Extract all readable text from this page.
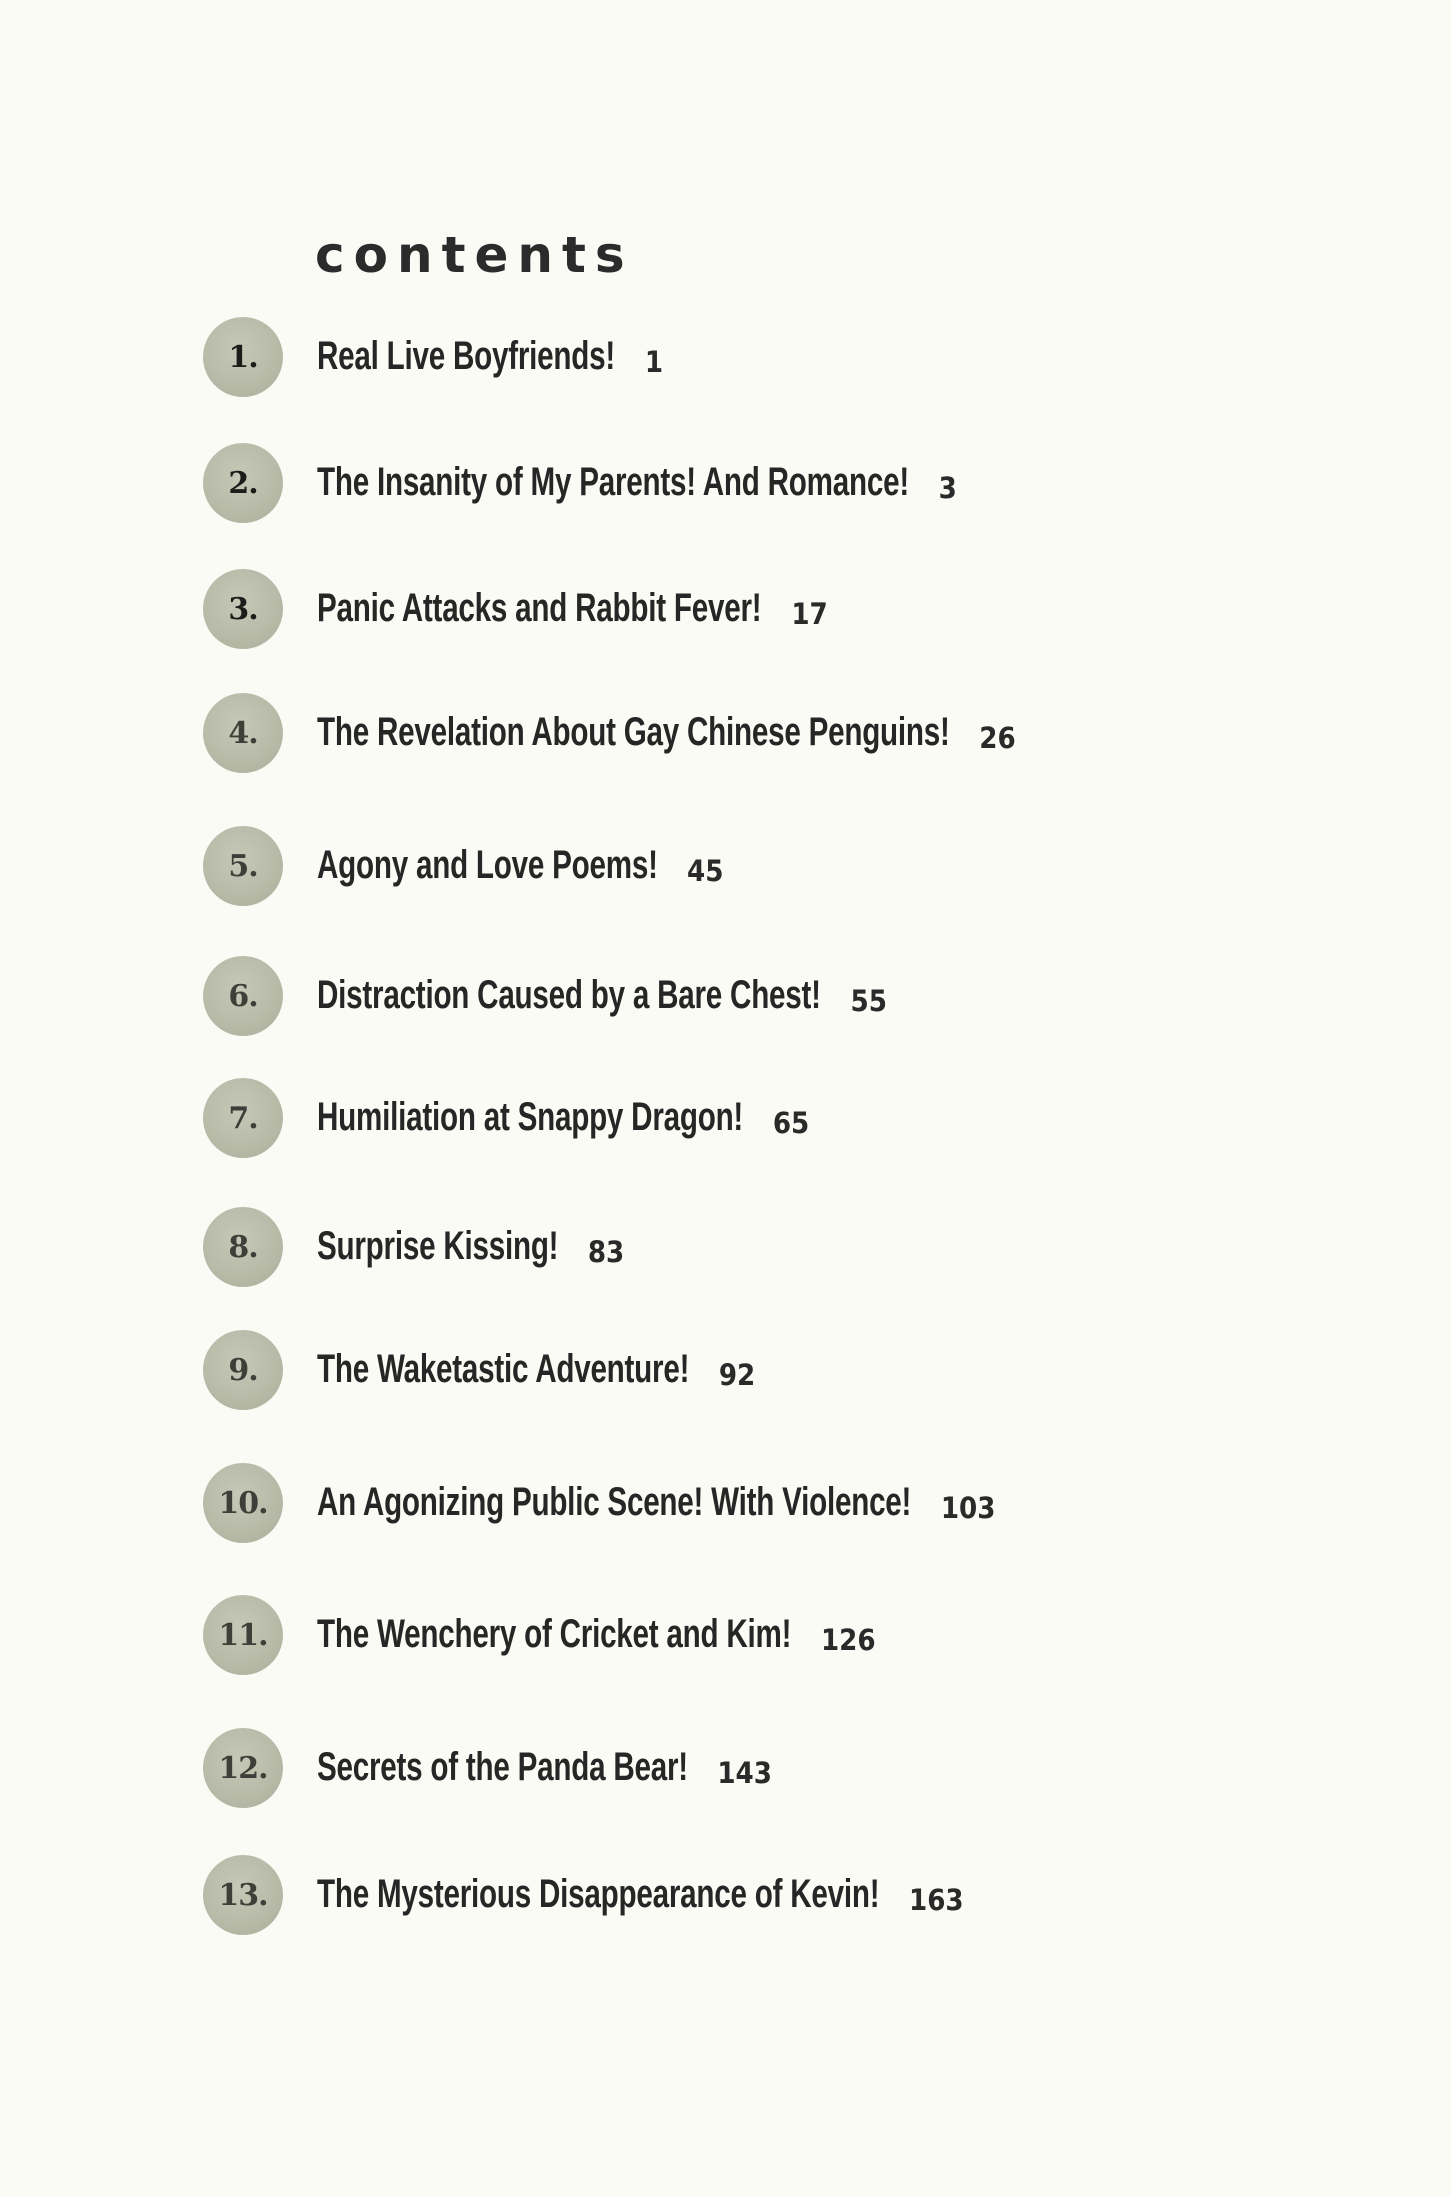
contents
1. Real Live Boyfriends! 1
2. The Insanity of My Parents! And Romance! 3
3. Panic Attacks and Rabbit Fever! 17
4. The Revelation About Gay Chinese Penguins! 26
5. Agony and Love Poems! 45
6. Distraction Caused by a Bare Chest! 55
7. Humiliation at Snappy Dragon! 65
8. Surprise Kissing! 83
9. The Waketastic Adventure! 92
10. An Agonizing Public Scene! With Violence! 103
11. The Wenchery of Cricket and Kim! 126
12. Secrets of the Panda Bear! 143
13. The Mysterious Disappearance of Kevin! 163
